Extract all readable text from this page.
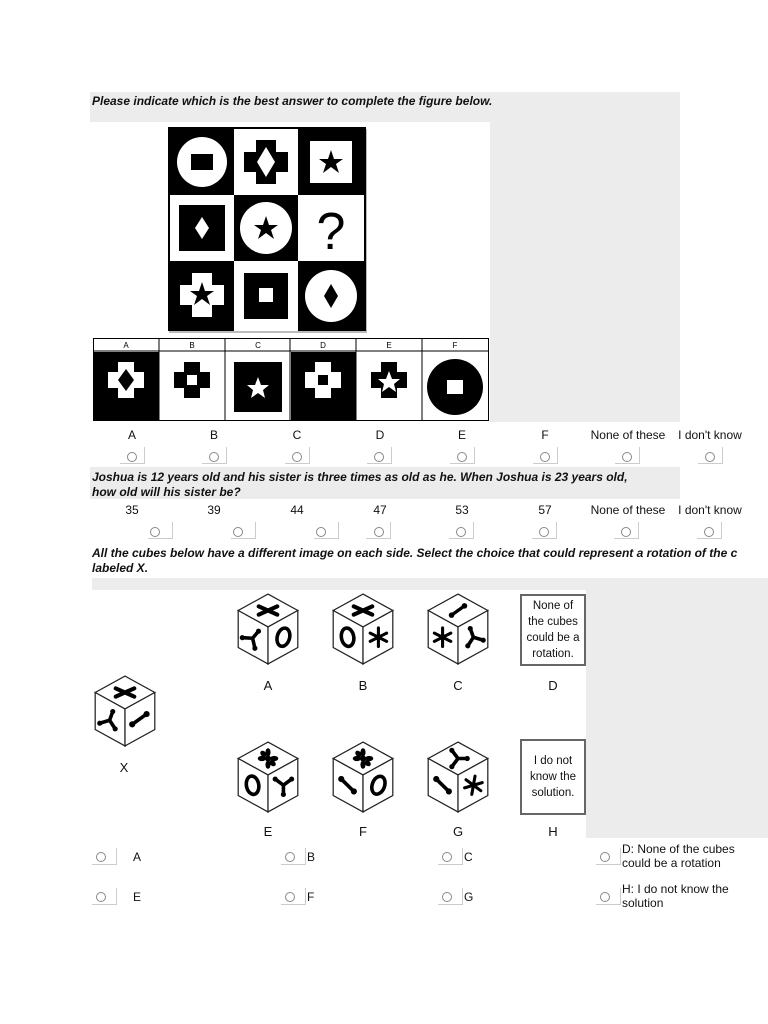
Please indicate which is the best answer to complete the figure below.
?
A	B	C	D	E	F
A	B	C	D	E	F	None of these	I don't know
Joshua is 12 years old and his sister is three times as old as he. When Joshua is 23 years old,
how old will his sister be?
35	39	44	47	53	57	None of these	I don't know
All the cubes below have a different image on each side. Select the choice that could represent a rotation of the c
labeled X.
X
None of the cubes could be a rotation.
A	B	C	D
I do not know the solution.
E	F	G	H
A	B	C
D: None of the cubes could be a rotation
E	F	G
H: I do not know the solution
